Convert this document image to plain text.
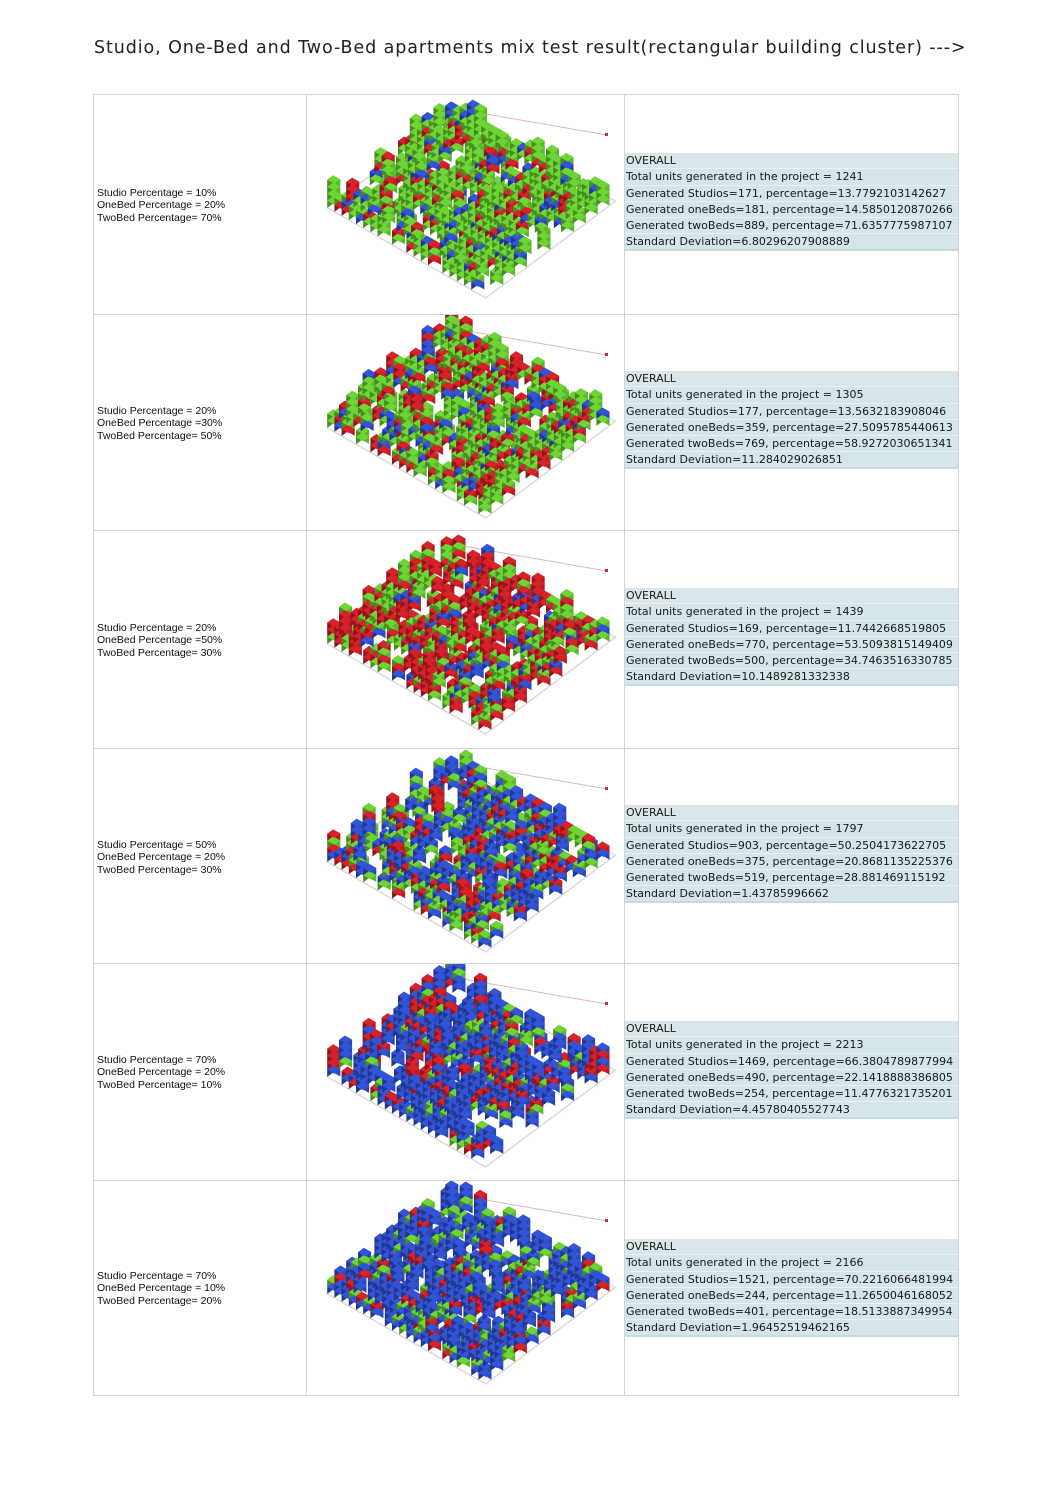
Studio, One-Bed and Two-Bed apartments mix test result(rectangular building cluster) --->
Studio Percentage = 10%
OneBed Percentage = 20%
TwoBed Percentage= 70%
OVERALL
Total units generated in the project = 1241
Generated Studios=171, percentage=13.7792103142627
Generated oneBeds=181, percentage=14.5850120870266
Generated twoBeds=889, percentage=71.6357775987107
Standard Deviation=6.80296207908889
Studio Percentage = 20%
OneBed Percentage =30%
TwoBed Percentage= 50%
OVERALL
Total units generated in the project = 1305
Generated Studios=177, percentage=13.5632183908046
Generated oneBeds=359, percentage=27.5095785440613
Generated twoBeds=769, percentage=58.9272030651341
Standard Deviation=11.284029026851
Studio Percentage = 20%
OneBed Percentage =50%
TwoBed Percentage= 30%
OVERALL
Total units generated in the project = 1439
Generated Studios=169, percentage=11.7442668519805
Generated oneBeds=770, percentage=53.5093815149409
Generated twoBeds=500, percentage=34.7463516330785
Standard Deviation=10.1489281332338
Studio Percentage = 50%
OneBed Percentage = 20%
TwoBed Percentage= 30%
OVERALL
Total units generated in the project = 1797
Generated Studios=903, percentage=50.2504173622705
Generated oneBeds=375, percentage=20.8681135225376
Generated twoBeds=519, percentage=28.881469115192
Standard Deviation=1.43785996662
Studio Percentage = 70%
OneBed Percentage = 20%
TwoBed Percentage= 10%
OVERALL
Total units generated in the project = 2213
Generated Studios=1469, percentage=66.3804789877994
Generated oneBeds=490, percentage=22.1418888386805
Generated twoBeds=254, percentage=11.4776321735201
Standard Deviation=4.45780405527743
Studio Percentage = 70%
OneBed Percentage = 10%
TwoBed Percentage= 20%
OVERALL
Total units generated in the project = 2166
Generated Studios=1521, percentage=70.2216066481994
Generated oneBeds=244, percentage=11.2650046168052
Generated twoBeds=401, percentage=18.5133887349954
Standard Deviation=1.96452519462165
